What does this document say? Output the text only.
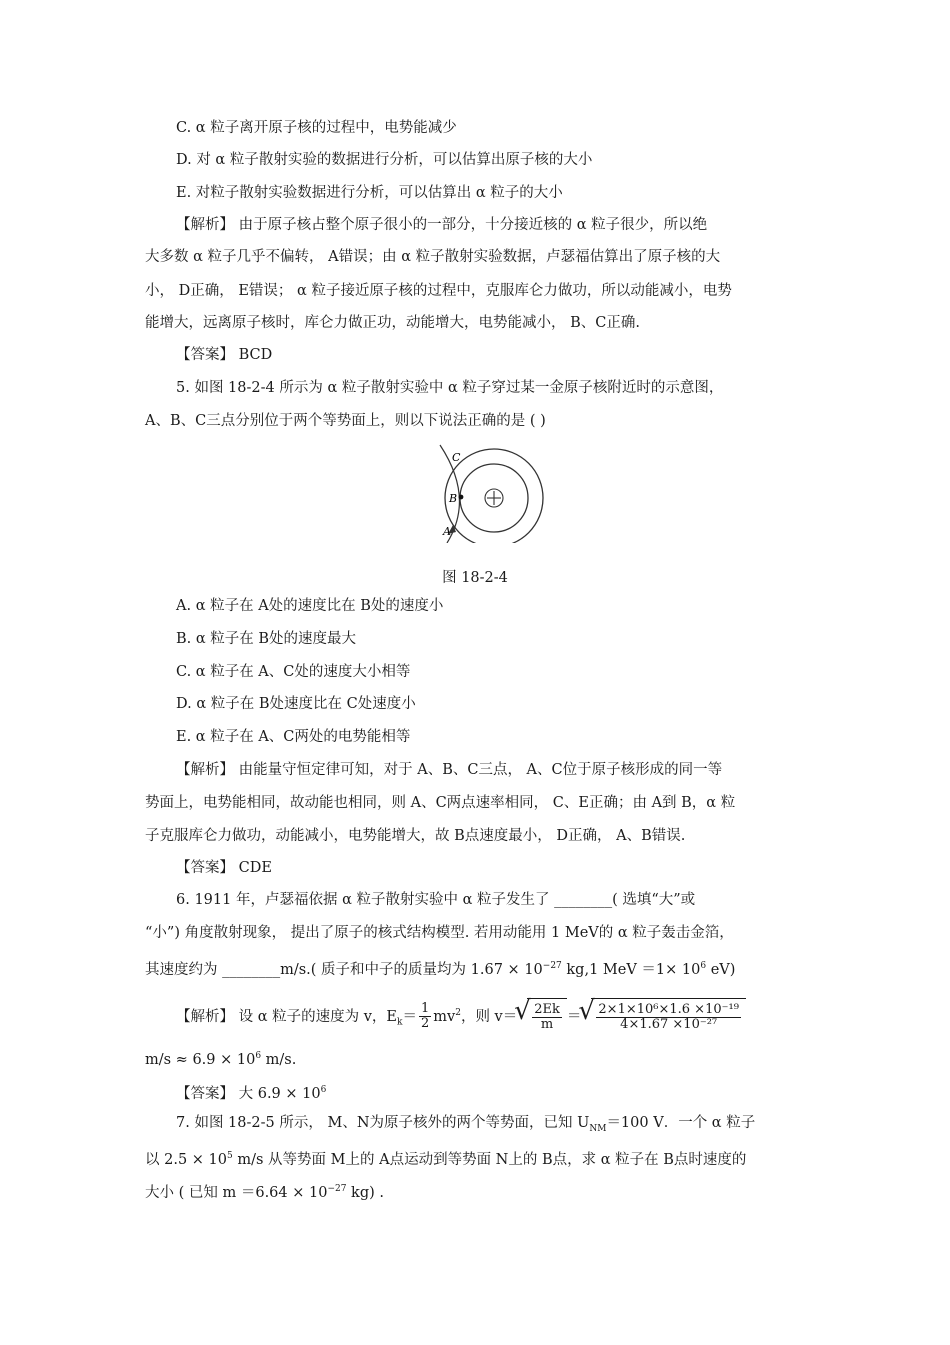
C. α 粒子离开原子核的过程中，电势能减少
D. 对 α 粒子散射实验的数据进行分析，可以估算出原子核的大小
E. 对粒子散射实验数据进行分析，可以估算出 α 粒子的大小
【解析】 由于原子核占整个原子很小的一部分，十分接近核的 α 粒子很少，所以绝
大多数 α 粒子几乎不偏转， A错误；由 α 粒子散射实验数据，卢瑟福估算出了原子核的大
小， D正确， E错误； α 粒子接近原子核的过程中，克服库仑力做功，所以动能减小，电势
能增大，远离原子核时，库仑力做正功，动能增大，电势能减小， B、C正确.
【答案】 BCD
5. 如图 18-2-4 所示为 α 粒子散射实验中 α 粒子穿过某一金原子核附近时的示意图，
A、B、C三点分别位于两个等势面上，则以下说法正确的是 ( )
C
B
A
图 18-2-4
A. α 粒子在 A处的速度比在 B处的速度小
B. α 粒子在 B处的速度最大
C. α 粒子在 A、C处的速度大小相等
D. α 粒子在 B处速度比在 C处速度小
E. α 粒子在 A、C两处的电势能相等
【解析】 由能量守恒定律可知，对于 A、B、C三点， A、C位于原子核形成的同一等
势面上，电势能相同，故动能也相同，则 A、C两点速率相同， C、E正确；由 A到 B，α 粒
子克服库仑力做功，动能减小，电势能增大，故 B点速度最小， D正确， A、B错误.
【答案】 CDE
6. 1911 年，卢瑟福依据 α 粒子散射实验中 α 粒子发生了 ________( 选填“大”或
“小”) 角度散射现象， 提出了原子的核式结构模型. 若用动能用 1 MeV的 α 粒子轰击金箔，
其速度约为 ________m/s.( 质子和中子的质量均为 $1.67 \times 10^{-27}$ kg,1 MeV $=1\times 10^6$ eV)
【解析】 设 α 粒子的速度为 v，$E_k= \frac{1}{2} mv^2$，则 v＝ √ $\frac{2Ek}{m}$ ＝ √ $\frac{\text{2×1×10⁶×1.6 ×10⁻¹⁹}}{\text{4×1.67 ×10⁻²⁷}}$
$m/s \approx 6.9 \times 10^6$ m/s.
【答案】 大 $6.9 \times 10^6$
7. 如图 18-2-5 所示， M、N为原子核外的两个等势面，已知 $U_{NM}=100$ V．一个 α 粒子
以 $2.5 \times 10^5$ m/s 从等势面 M上的 A点运动到等势面 N上的 B点，求 α 粒子在 B点时速度的
大小 ( 已知 $m =6.64 \times 10^{-27}$ kg) .
